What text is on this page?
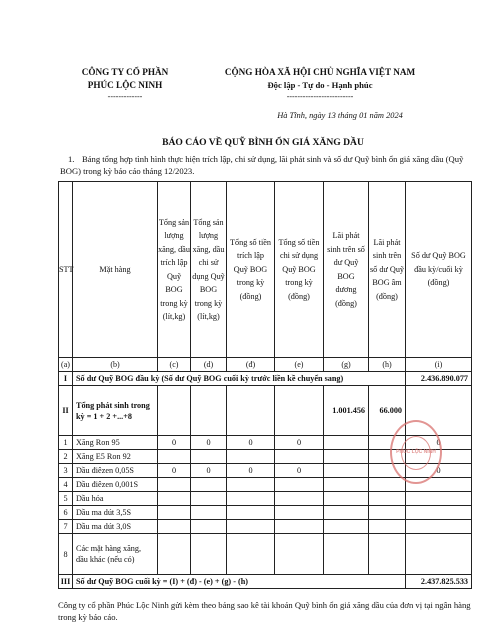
CÔNG TY CỔ PHẦN
PHÚC LỘC NINH
-------------
CỘNG HÒA XÃ HỘI CHỦ NGHĨA VIỆT NAM
Độc lập - Tự do - Hạnh phúc
-------------------------
Hà Tĩnh, ngày 13 tháng 01 năm 2024
BÁO CÁO VỀ QUỸ BÌNH ỔN GIÁ XĂNG DẦU
1. Bảng tổng hợp tình hình thực hiện trích lập, chi sử dụng, lãi phát sinh và số dư Quỹ bình ổn giá xăng dầu (Quỹ BOG) trong kỳ báo cáo tháng 12/2023.
STT	Mặt hàng	Tổng sản lượng xăng, dầu trích lập Quỹ BOG trong kỳ (lít,kg)	Tổng sản lượng xăng, dầu chi sử dụng Quỹ BOG trong kỳ (lít,kg)	Tổng số tiền trích lập Quỹ BOG trong kỳ (đồng)	Tổng số tiền chi sử dụng Quỹ BOG trong kỳ (đồng)	Lãi phát sinh trên số dư Quỹ BOG dương (đồng)	Lãi phát sinh trên số dư Quỹ BOG âm (đồng)	Số dư Quỹ BOG đầu kỳ/cuối kỳ (đồng)
(a)	(b)	(c)	(d)	(đ)	(e)	(g)	(h)	(i)
I	Số dư Quỹ BOG đầu kỳ (Số dư Quỹ BOG cuối kỳ trước liền kề chuyển sang)							2.436.890.077
II	Tổng phát sinh trong kỳ = 1 + 2 +...+8					1.001.456	66.000	
1	Xăng Ron 95	0	0	0	0			0
2	Xăng E5 Ron 92							
3	Dầu điêzen 0,05S	0	0	0	0			0
4	Dầu điêzen 0,001S							
5	Dầu hỏa							
6	Dầu ma dút 3,5S							
7	Dầu ma dút 3,0S							
8	Các mặt hàng xăng, dầu khác (nếu có)							
III	Số dư Quỹ BOG cuối kỳ = (I) + (đ) - (e) + (g) - (h)							2.437.825.533
PHÚC LỘC NINH
Công ty cổ phần Phúc Lộc Ninh gửi kèm theo bảng sao kê tài khoản Quỹ bình ổn giá xăng dầu của đơn vị tại ngân hàng trong kỳ báo cáo.
